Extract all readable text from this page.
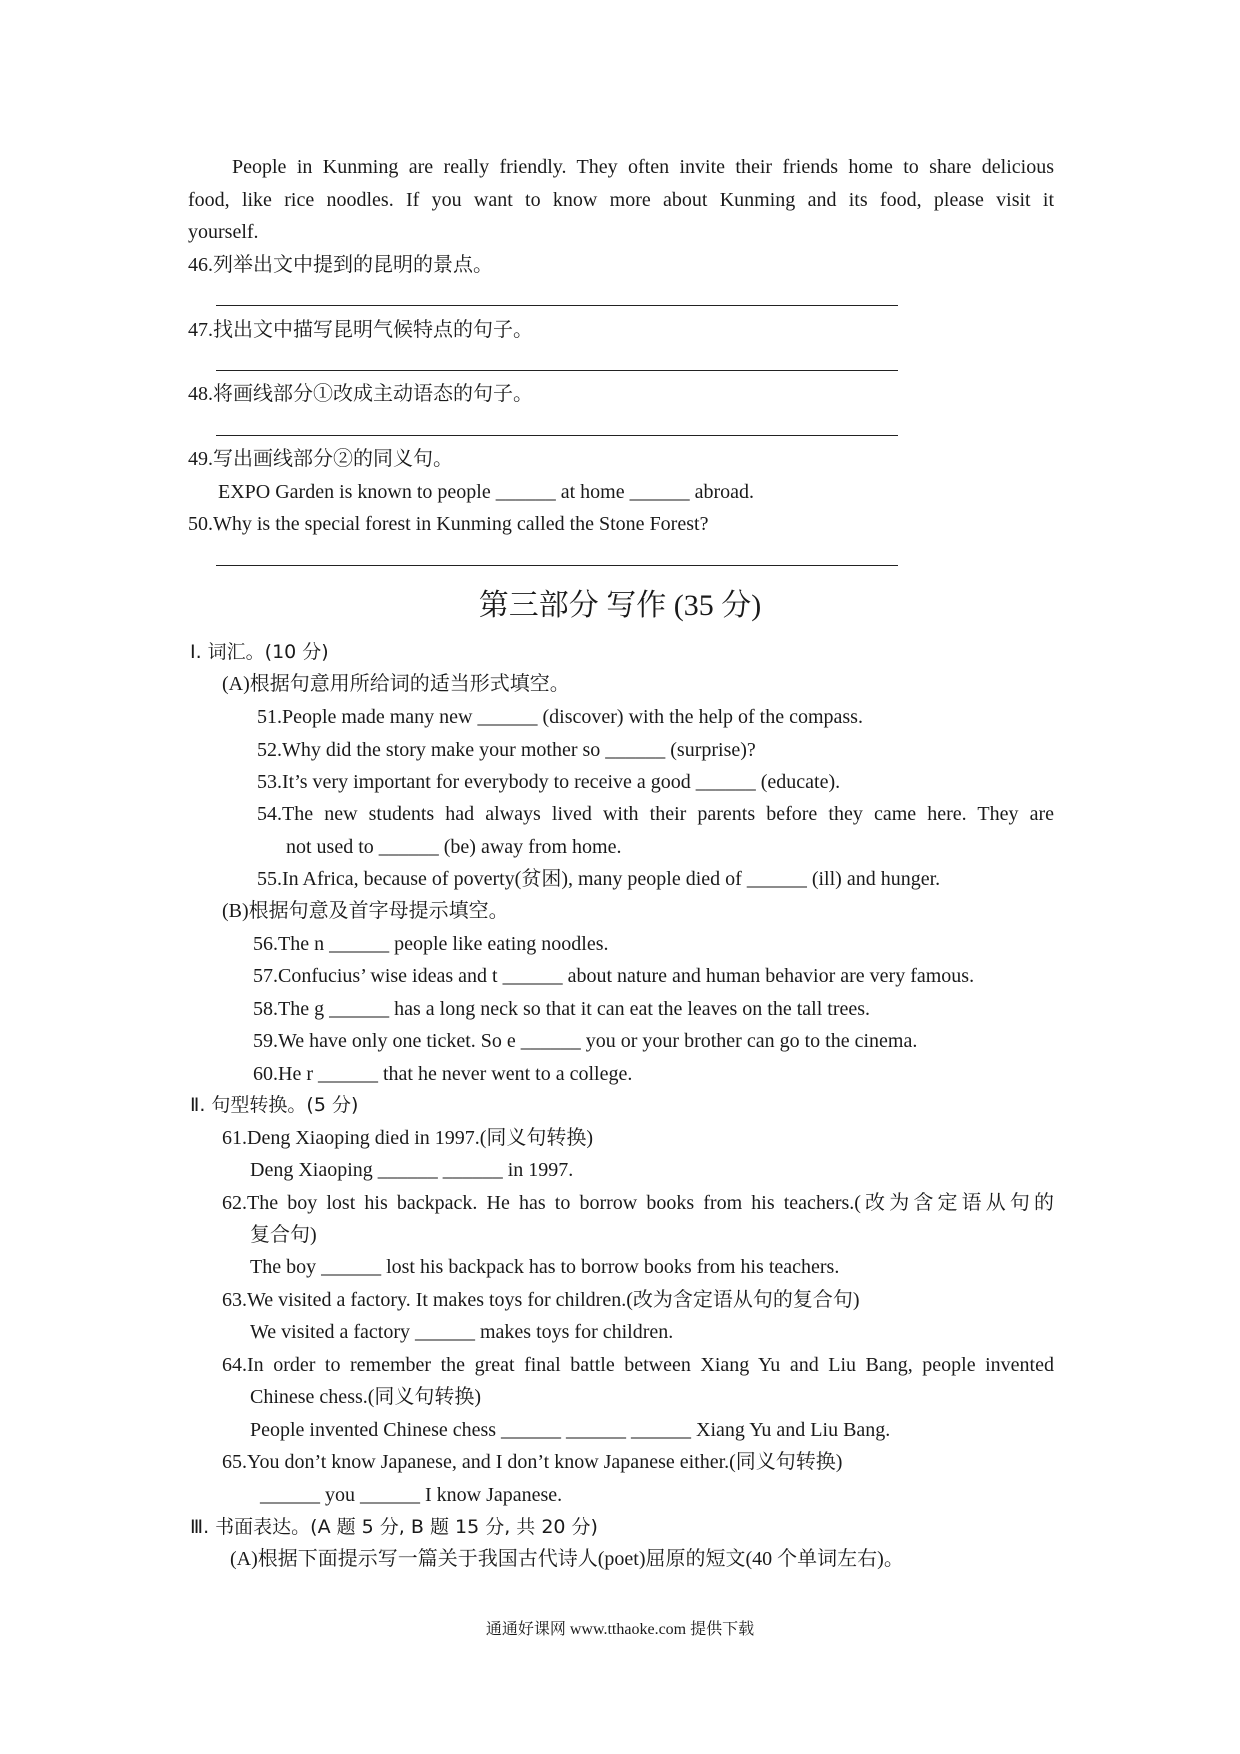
People in Kunming are really friendly. They often invite their friends home to share delicious
food, like rice noodles. If you want to know more about Kunming and its food, please visit it
yourself.
46.列举出文中提到的昆明的景点。
47.找出文中描写昆明气候特点的句子。
48.将画线部分①改成主动语态的句子。
49.写出画线部分②的同义句。
EXPO Garden is known to people ______ at home ______ abroad.
50.Why is the special forest in Kunming called the Stone Forest?
第三部分 写作 (35 分)
Ⅰ. 词汇。(10 分)
(A)根据句意用所给词的适当形式填空。
51.People made many new ______ (discover) with the help of the compass.
52.Why did the story make your mother so ______ (surprise)?
53.It’s very important for everybody to receive a good ______ (educate).
54.The new students had always lived with their parents before they came here. They are
not used to ______ (be) away from home.
55.In Africa, because of poverty(贫困), many people died of ______ (ill) and hunger.
(B)根据句意及首字母提示填空。
56.The n ______ people like eating noodles.
57.Confucius’ wise ideas and t ______ about nature and human behavior are very famous.
58.The g ______ has a long neck so that it can eat the leaves on the tall trees.
59.We have only one ticket. So e ______ you or your brother can go to the cinema.
60.He r ______ that he never went to a college.
Ⅱ. 句型转换。(5 分)
61.Deng Xiaoping died in 1997.(同义句转换)
Deng Xiaoping ______ ______ in 1997.
62.The boy lost his backpack. He has to borrow books from his teachers.(改为含定语从句的
复合句)
The boy ______ lost his backpack has to borrow books from his teachers.
63.We visited a factory. It makes toys for children.(改为含定语从句的复合句)
We visited a factory ______ makes toys for children.
64.In order to remember the great final battle between Xiang Yu and Liu Bang, people invented
Chinese chess.(同义句转换)
People invented Chinese chess ______ ______ ______ Xiang Yu and Liu Bang.
65.You don’t know Japanese, and I don’t know Japanese either.(同义句转换)
______ you ______ I know Japanese.
Ⅲ. 书面表达。(A 题 5 分, B 题 15 分, 共 20 分)
(A)根据下面提示写一篇关于我国古代诗人(poet)屈原的短文(40 个单词左右)。
通通好课网 www.tthaoke.com 提供下载
